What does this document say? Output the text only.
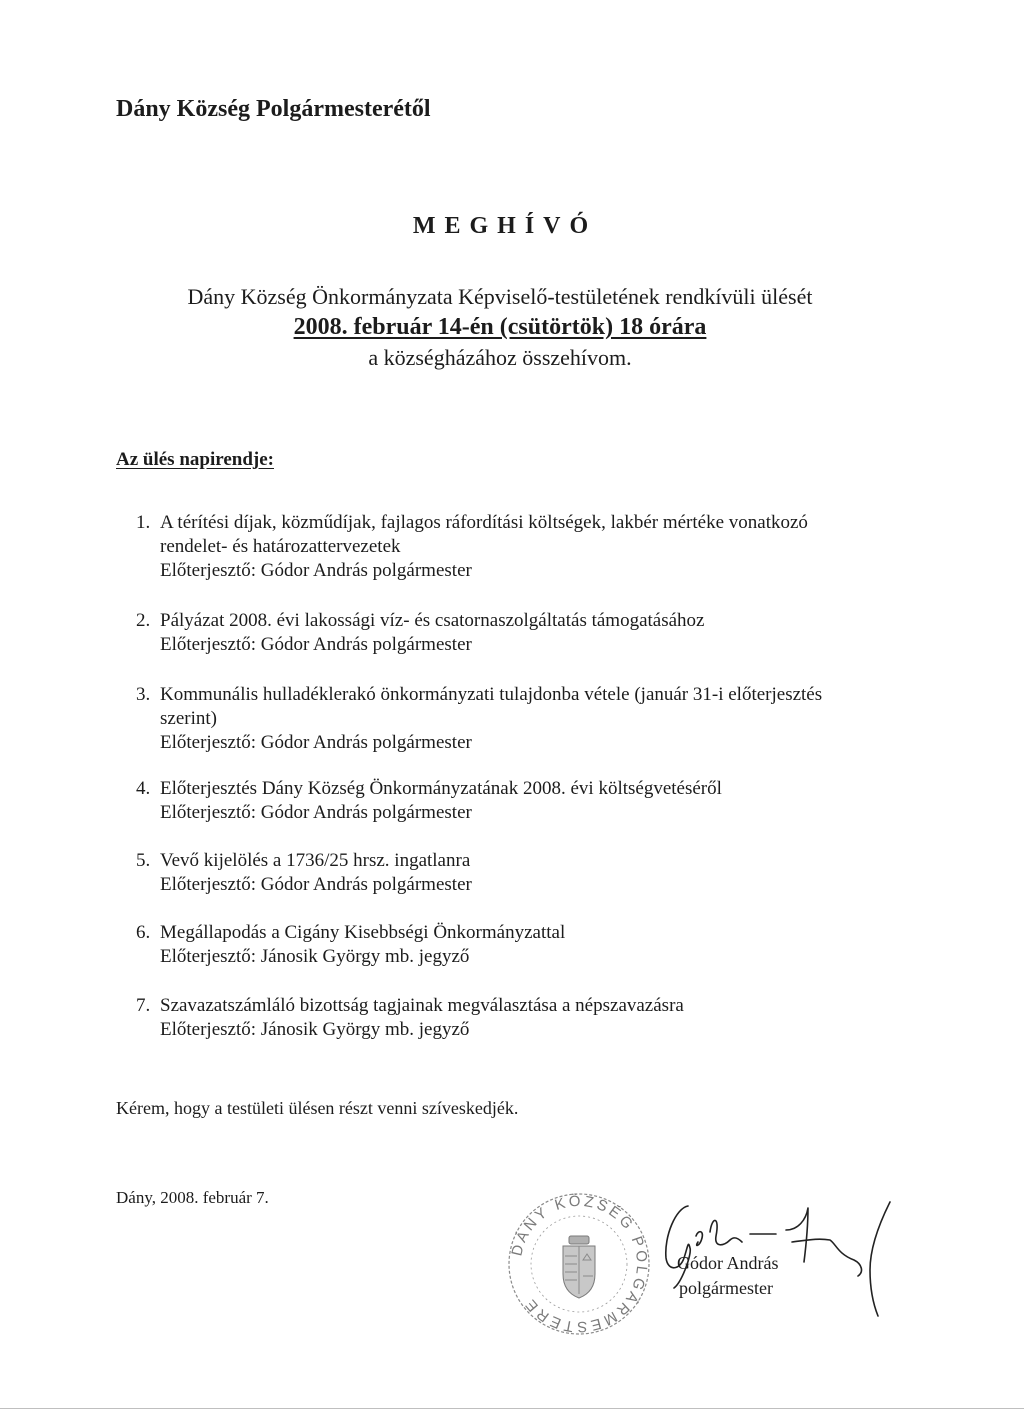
Dány Község Polgármesterétől
MEGHÍVÓ
Dány Község Önkormányzata Képviselő-testületének rendkívüli ülését
2008. február 14-én (csütörtök) 18 órára
a községházához összehívom.
Az ülés napirendje:
1. A térítési díjak, közműdíjak, fajlagos ráfordítási költségek, lakbér mértéke vonatkozó
rendelet- és határozattervezetek
Előterjesztő: Gódor András polgármester
2. Pályázat 2008. évi lakossági víz- és csatornaszolgáltatás támogatásához
Előterjesztő: Gódor András polgármester
3. Kommunális hulladéklerakó önkormányzati tulajdonba vétele (január 31-i előterjesztés
szerint)
Előterjesztő: Gódor András polgármester
4. Előterjesztés Dány Község Önkormányzatának 2008. évi költségvetéséről
Előterjesztő: Gódor András polgármester
5. Vevő kijelölés a 1736/25 hrsz. ingatlanra
Előterjesztő: Gódor András polgármester
6. Megállapodás a Cigány Kisebbségi Önkormányzattal
Előterjesztő: Jánosik György mb. jegyző
7. Szavazatszámláló bizottság tagjainak megválasztása a népszavazásra
Előterjesztő: Jánosik György mb. jegyző
Kérem, hogy a testületi ülésen részt venni szíveskedjék.
Dány, 2008. február 7.
DÁNY KÖZSÉG POLGÁRMESTERE
Gódor András
polgármester
